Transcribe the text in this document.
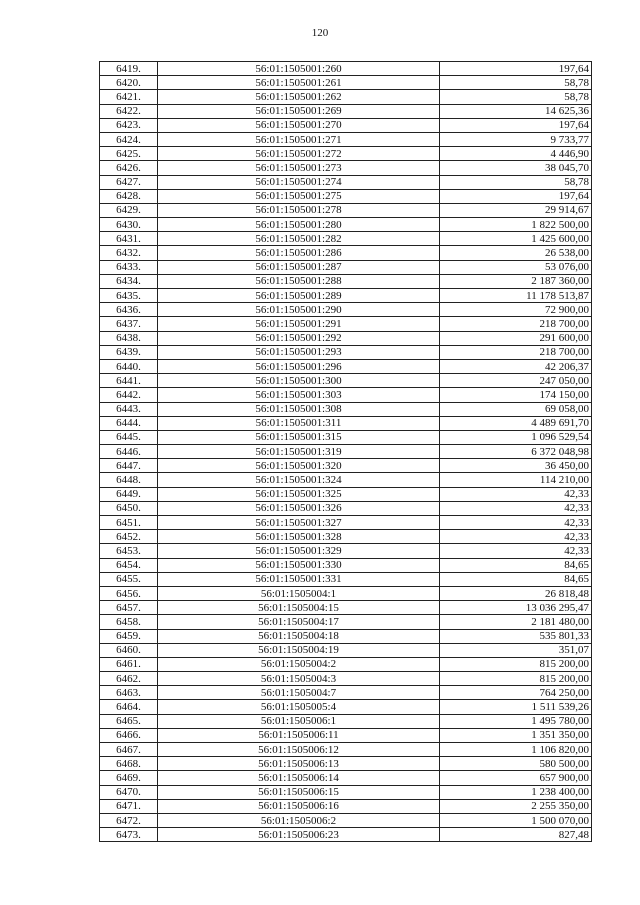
120
6419.	56:01:1505001:260	197,64
6420.	56:01:1505001:261	58,78
6421.	56:01:1505001:262	58,78
6422.	56:01:1505001:269	14 625,36
6423.	56:01:1505001:270	197,64
6424.	56:01:1505001:271	9 733,77
6425.	56:01:1505001:272	4 446,90
6426.	56:01:1505001:273	38 045,70
6427.	56:01:1505001:274	58,78
6428.	56:01:1505001:275	197,64
6429.	56:01:1505001:278	29 914,67
6430.	56:01:1505001:280	1 822 500,00
6431.	56:01:1505001:282	1 425 600,00
6432.	56:01:1505001:286	26 538,00
6433.	56:01:1505001:287	53 076,00
6434.	56:01:1505001:288	2 187 360,00
6435.	56:01:1505001:289	11 178 513,87
6436.	56:01:1505001:290	72 900,00
6437.	56:01:1505001:291	218 700,00
6438.	56:01:1505001:292	291 600,00
6439.	56:01:1505001:293	218 700,00
6440.	56:01:1505001:296	42 206,37
6441.	56:01:1505001:300	247 050,00
6442.	56:01:1505001:303	174 150,00
6443.	56:01:1505001:308	69 058,00
6444.	56:01:1505001:311	4 489 691,70
6445.	56:01:1505001:315	1 096 529,54
6446.	56:01:1505001:319	6 372 048,98
6447.	56:01:1505001:320	36 450,00
6448.	56:01:1505001:324	114 210,00
6449.	56:01:1505001:325	42,33
6450.	56:01:1505001:326	42,33
6451.	56:01:1505001:327	42,33
6452.	56:01:1505001:328	42,33
6453.	56:01:1505001:329	42,33
6454.	56:01:1505001:330	84,65
6455.	56:01:1505001:331	84,65
6456.	56:01:1505004:1	26 818,48
6457.	56:01:1505004:15	13 036 295,47
6458.	56:01:1505004:17	2 181 480,00
6459.	56:01:1505004:18	535 801,33
6460.	56:01:1505004:19	351,07
6461.	56:01:1505004:2	815 200,00
6462.	56:01:1505004:3	815 200,00
6463.	56:01:1505004:7	764 250,00
6464.	56:01:1505005:4	1 511 539,26
6465.	56:01:1505006:1	1 495 780,00
6466.	56:01:1505006:11	1 351 350,00
6467.	56:01:1505006:12	1 106 820,00
6468.	56:01:1505006:13	580 500,00
6469.	56:01:1505006:14	657 900,00
6470.	56:01:1505006:15	1 238 400,00
6471.	56:01:1505006:16	2 255 350,00
6472.	56:01:1505006:2	1 500 070,00
6473.	56:01:1505006:23	827,48
